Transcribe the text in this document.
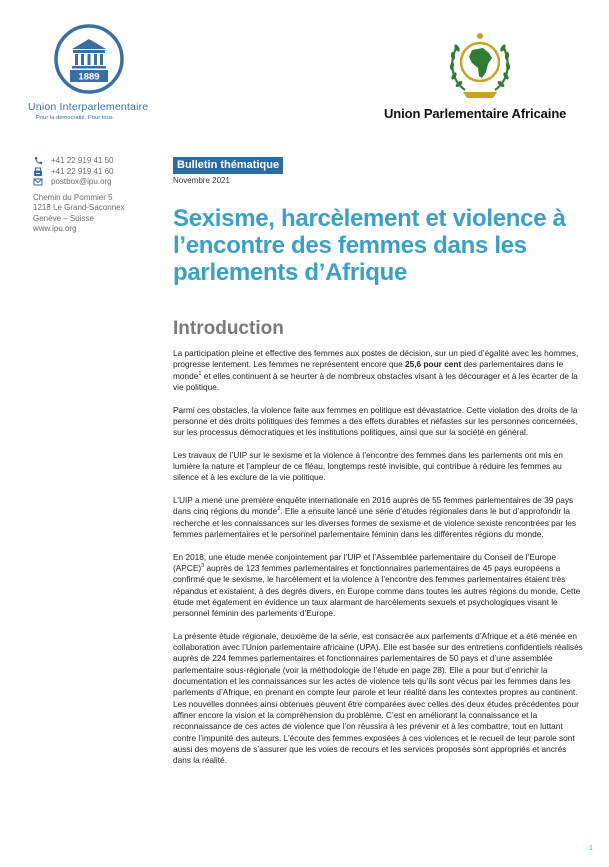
1889
Union Interparlementaire
Pour la démocratie. Pour tous.	Union Parlementaire Africaine
+41 22 919 41 50
+41 22 919 41 60
postbox@ipu.org
Chemin du Pommier 5
1218 Le Grand-Saconnex
Genève – Suisse
www.ipu.org
Bulletin thématique
Novembre 2021
Sexisme, harcèlement et violence à l’encontre des femmes dans les parlements d’Afrique
Introduction

La participation pleine et effective des femmes aux postes de décision, sur un pied d’égalité avec les hommes, progresse lentement. Les femmes ne représentent encore que 25,6 pour cent des parlementaires dans le monde$^1$ et elles continuent à se heurter à de nombreux obstacles visant à les décourager et à les écarter de la vie politique.

Parmi ces obstacles, la violence faite aux femmes en politique est dévastatrice. Cette violation des droits de la personne et des droits politiques des femmes a des effets durables et néfastes sur les personnes concernées, sur les processus démocratiques et les institutions politiques, ainsi que sur la société en général.

Les travaux de l’UIP sur le sexisme et la violence à l’encontre des femmes dans les parlements ont mis en lumière la nature et l’ampleur de ce fléau, longtemps resté invisible, qui contribue à réduire les femmes au silence et à les exclure de la vie politique.

L’UIP a mené une première enquête internationale en 2016 auprès de 55 femmes parlementaires de 39 pays dans cinq régions du monde$^2$. Elle a ensuite lancé une série d’études régionales dans le but d’approfondir la recherche et les connaissances sur les diverses formes de sexisme et de violence sexiste rencontrées par les femmes parlementaires et le personnel parlementaire féminin dans les différentes régions du monde.

En 2018, une étude menée conjointement par l’UIP et l’Assemblée parlementaire du Conseil de l’Europe (APCE)$^3$ auprès de 123 femmes parlementaires et fonctionnaires parlementaires de 45 pays européens a confirmé que le sexisme, le harcèlement et la violence à l’encontre des femmes parlementaires étaient très répandus et existaient, à des degrés divers, en Europe comme dans toutes les autres régions du monde. Cette étude met également en évidence un taux alarmant de harcèlements sexuels et psychologiques visant le personnel féminin des parlements d’Europe.

La présente étude régionale, deuxième de la série, est consacrée aux parlements d’Afrique et a été menée en collaboration avec l’Union parlementaire africaine (UPA). Elle est basée sur des entretiens confidentiels réalisés auprès de 224 femmes parlementaires et fonctionnaires parlementaires de 50 pays et d’une assemblée parlementaire sous-régionale (voir la méthodologie de l’étude en page 28). Elle a pour but d’enrichir la documentation et les connaissances sur les actes de violence tels qu’ils sont vécus par les femmes dans les parlements d’Afrique, en prenant en compte leur parole et leur réalité dans les contextes propres au continent. Les nouvelles données ainsi obtenues peuvent être comparées avec celles des deux études précédentes pour affiner encore la vision et la compréhension du problème. C’est en améliorant la connaissance et la reconnaissance de ces actes de violence que l’on réussira à les prévenir et à les combattre, tout en luttant contre l’impunité des auteurs. L’écoute des femmes exposées à ces violences et le recueil de leur parole sont aussi des moyens de s’assurer que les voies de recours et les services proposés sont appropriés et ancrés dans la réalité.

1
